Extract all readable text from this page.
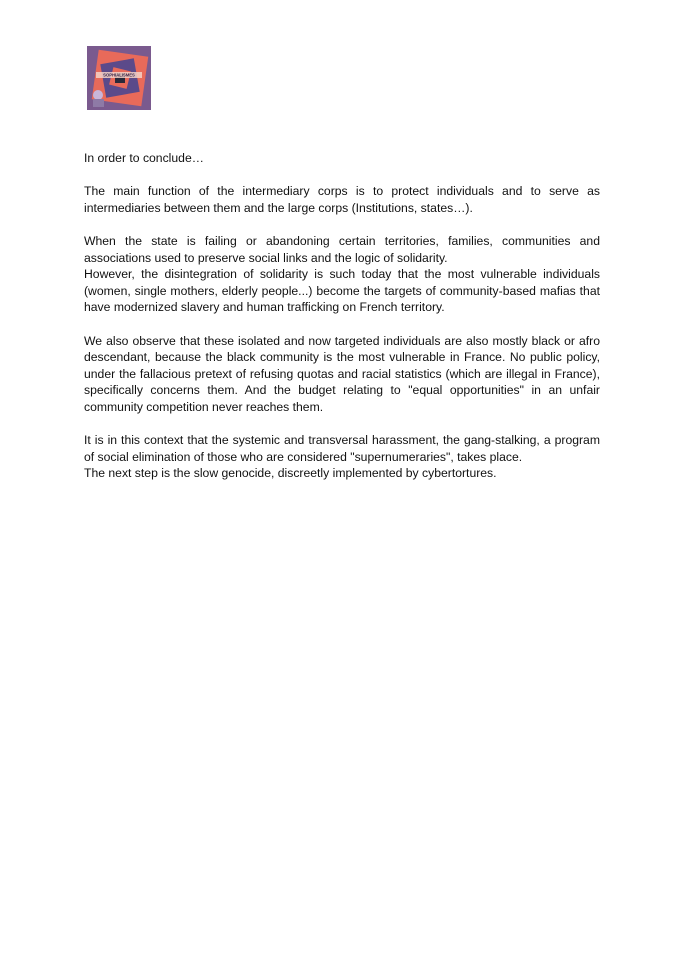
SOPHIALISMES

In order to conclude…

The main function of the intermediary corps is to protect individuals and to serve as intermediaries between them and the large corps (Institutions, states…).

When the state is failing or abandoning certain territories, families, communities and associations used to preserve social links and the logic of solidarity.

However, the disintegration of solidarity is such today that the most vulnerable individuals (women, single mothers, elderly people...) become the targets of community-based mafias that have modernized slavery and human trafficking on French territory.

We also observe that these isolated and now targeted individuals are also mostly black or afro descendant, because the black community is the most vulnerable in France. No public policy, under the fallacious pretext of refusing quotas and racial statistics (which are illegal in France), specifically concerns them. And the budget relating to "equal opportunities" in an unfair community competition never reaches them.

It is in this context that the systemic and transversal harassment, the gang-stalking, a program of social elimination of those who are considered "supernumeraries", takes place.

The next step is the slow genocide, discreetly implemented by cybertortures.
